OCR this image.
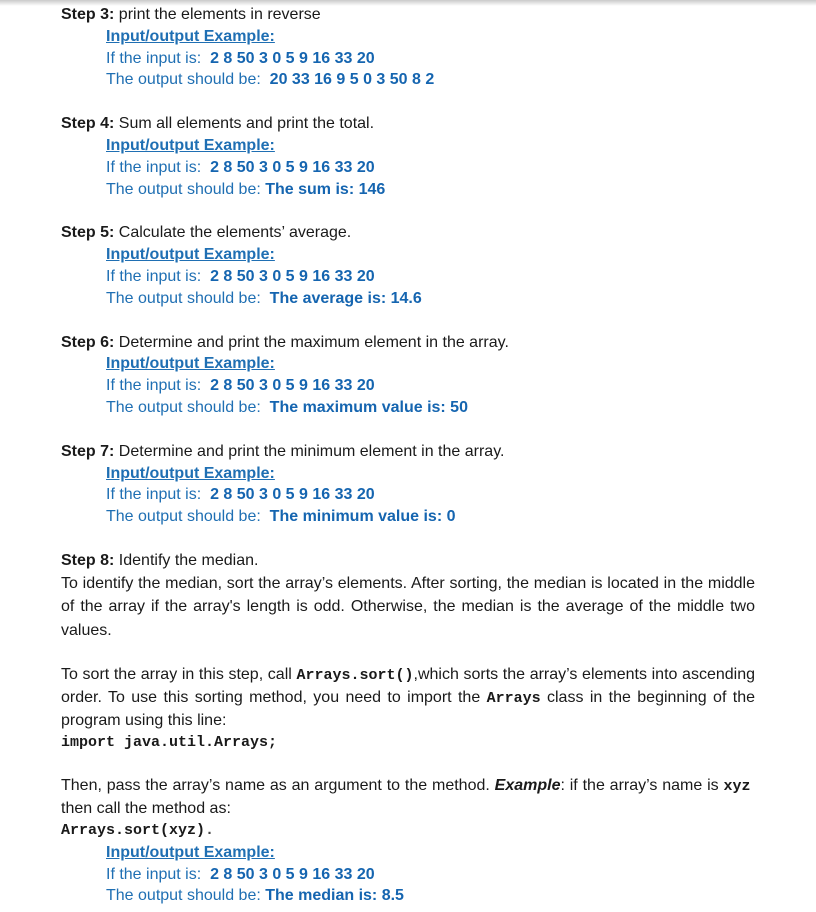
Step 3: print the elements in reverse

Input/output Example:
If the input is: 2 8 50 3 0 5 9 16 33 20
The output should be: 20 33 16 9 5 0 3 50 8 2

Step 4: Sum all elements and print the total.

Input/output Example:
If the input is: 2 8 50 3 0 5 9 16 33 20
The output should be: The sum is: 146

Step 5: Calculate the elements’ average.

Input/output Example:
If the input is: 2 8 50 3 0 5 9 16 33 20
The output should be: The average is: 14.6

Step 6: Determine and print the maximum element in the array.

Input/output Example:
If the input is: 2 8 50 3 0 5 9 16 33 20
The output should be: The maximum value is: 50

Step 7: Determine and print the minimum element in the array.

Input/output Example:
If the input is: 2 8 50 3 0 5 9 16 33 20
The output should be: The minimum value is: 0

Step 8: Identify the median.

To identify the median, sort the array’s elements. After sorting, the median is located in the middle of the array if the array's length is odd. Otherwise, the median is the average of the middle two values.

To sort the array in this step, call Arrays.sort(),which sorts the array’s elements into ascending order. To use this sorting method, you need to import the Arrays class in the beginning of the program using this line:

import java.util.Arrays;

Then, pass the array’s name as an argument to the method. Example: if the array’s name is xyz  then call the method as:

Arrays.sort(xyz).
Input/output Example:
If the input is: 2 8 50 3 0 5 9 16 33 20
The output should be: The median is: 8.5
